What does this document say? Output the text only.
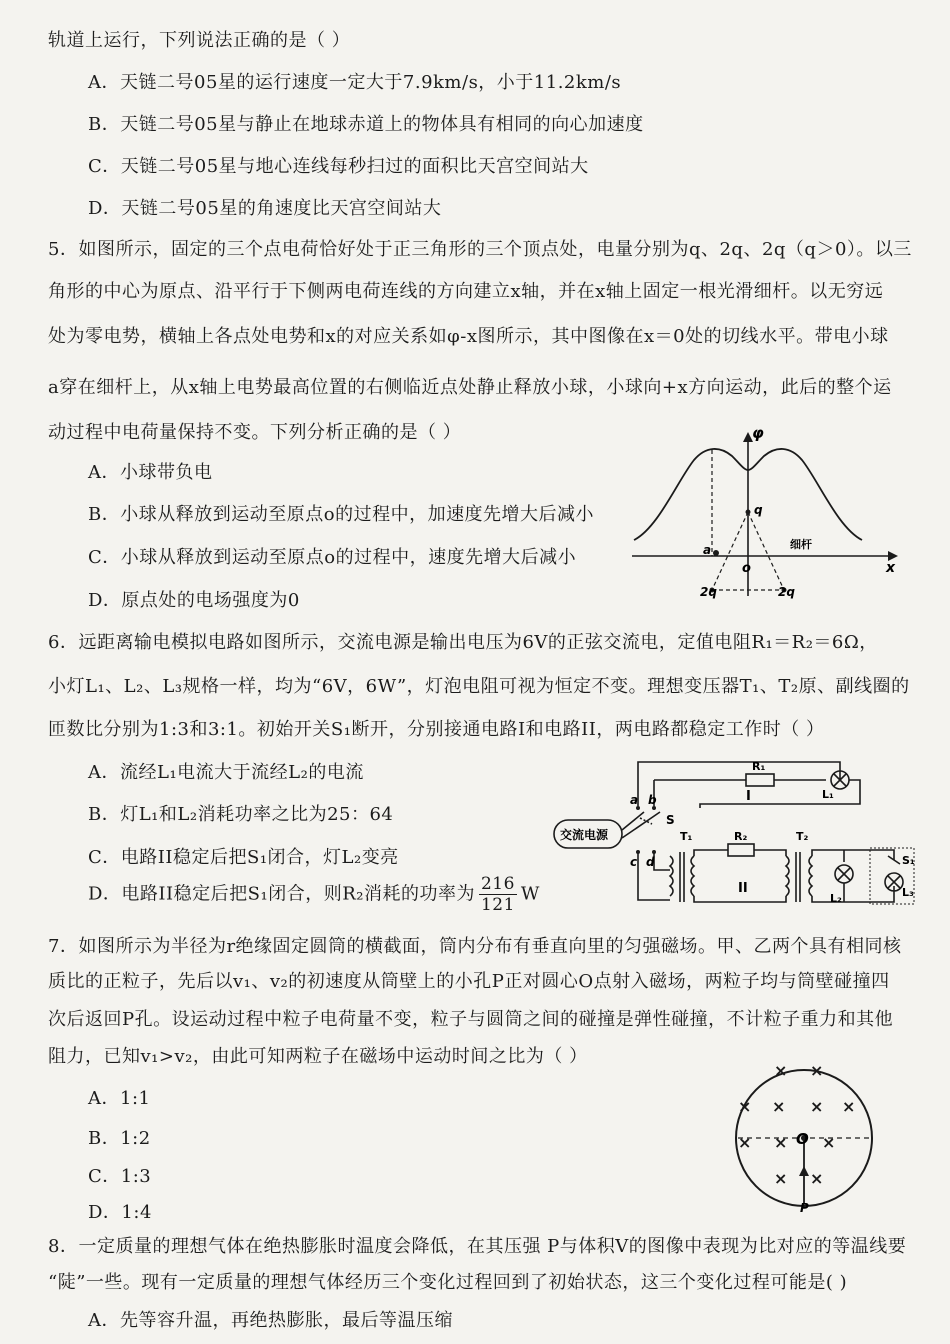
轨道上运行，下列说法正确的是（ ）
A．天链二号05星的运行速度一定大于7.9km/s，小于11.2km/s
B．天链二号05星与静止在地球赤道上的物体具有相同的向心加速度
C．天链二号05星与地心连线每秒扫过的面积比天宫空间站大
D．天链二号05星的角速度比天宫空间站大
5．如图所示，固定的三个点电荷恰好处于正三角形的三个顶点处，电量分别为q、2q、2q（q＞0）。以三
角形的中心为原点、沿平行于下侧两电荷连线的方向建立x轴，并在x轴上固定一根光滑细杆。以无穷远
处为零电势，横轴上各点处电势和x的对应关系如φ-x图所示，其中图像在x＝0处的切线水平。带电小球
a穿在细杆上，从x轴上电势最高位置的右侧临近点处静止释放小球，小球向+x方向运动，此后的整个运
动过程中电荷量保持不变。下列分析正确的是（ ）
A．小球带负电
B．小球从释放到运动至原点o的过程中，加速度先增大后减小
C．小球从释放到运动至原点o的过程中，速度先增大后减小
D．原点处的电场强度为0
φ
x
o
a
q
2q	2q
细杆
6．远距离输电模拟电路如图所示，交流电源是输出电压为6V的正弦交流电，定值电阻R₁＝R₂＝6Ω，
小灯L₁、L₂、L₃规格一样，均为“6V，6W”，灯泡电阻可视为恒定不变。理想变压器T₁、T₂原、副线圈的
匝数比分别为1:3和3:1。初始开关S₁断开，分别接通电路I和电路II，两电路都稳定工作时（ ）
A．流经L₁电流大于流经L₂的电流
B．灯L₁和L₂消耗功率之比为25：64
C．电路II稳定后把S₁闭合，灯L₂变亮
D．电路II稳定后把S₁闭合，则R₂消耗的功率为 $\frac{216}{121}$ W
交流电源
a b
c d
S
R₁
R₂
L₁
L₂	L₃
S₁
T₁	T₂
I
II
7．如图所示为半径为r绝缘固定圆筒的横截面，筒内分布有垂直向里的匀强磁场。甲、乙两个具有相同核
质比的正粒子，先后以v₁、v₂的初速度从筒壁上的小孔P正对圆心O点射入磁场，两粒子均与筒壁碰撞四
次后返回P孔。设运动过程中粒子电荷量不变，粒子与圆筒之间的碰撞是弹性碰撞，不计粒子重力和其他
阻力，已知v₁>v₂，由此可知两粒子在磁场中运动时间之比为（ ）
A．1:1
B．1:2
C．1:3
D．1:4
× ×
× × × ×
× × ×
× ×
O
P
8．一定质量的理想气体在绝热膨胀时温度会降低，在其压强 P与体积V的图像中表现为比对应的等温线要
“陡”一些。现有一定质量的理想气体经历三个变化过程回到了初始状态，这三个变化过程可能是( )
A．先等容升温，再绝热膨胀，最后等温压缩
